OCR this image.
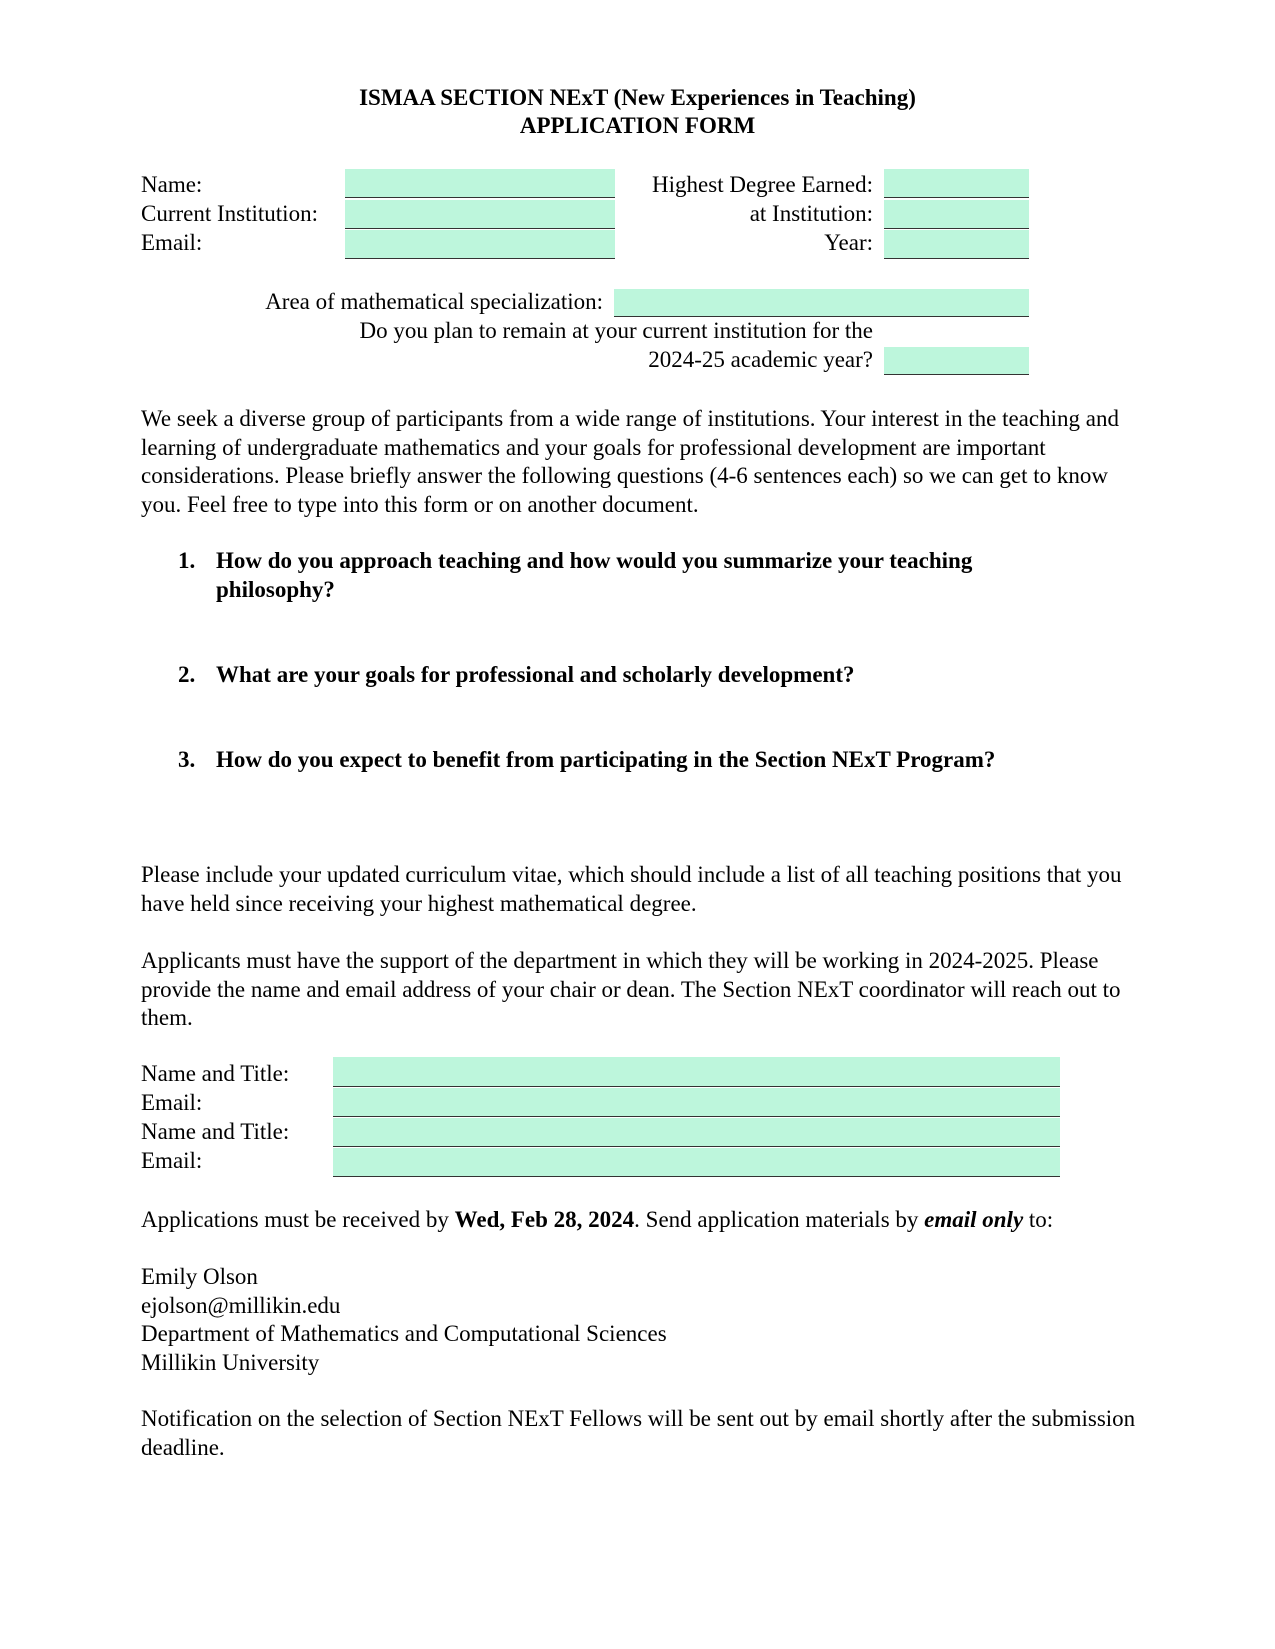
ISMAA SECTION NExT (New Experiences in Teaching)
APPLICATION FORM
Name:
Current Institution:
Email:
Highest Degree Earned:
at Institution:
Year:
Area of mathematical specialization:
Do you plan to remain at your current institution for the
2024-25 academic year?
We seek a diverse group of participants from a wide range of institutions. Your interest in the teaching and learning of undergraduate mathematics and your goals for professional development are important considerations. Please briefly answer the following questions (4-6 sentences each) so we can get to know you. Feel free to type into this form or on another document.
1. How do you approach teaching and how would you summarize your teaching philosophy?
2. What are your goals for professional and scholarly development?
3. How do you expect to benefit from participating in the Section NExT Program?
Please include your updated curriculum vitae, which should include a list of all teaching positions that you have held since receiving your highest mathematical degree.
Applicants must have the support of the department in which they will be working in 2024-2025. Please provide the name and email address of your chair or dean. The Section NExT coordinator will reach out to them.
Name and Title:
Email:
Name and Title:
Email:
Applications must be received by Wed, Feb 28, 2024. Send application materials by email only to:
Emily Olson
ejolson@millikin.edu
Department of Mathematics and Computational Sciences
Millikin University
Notification on the selection of Section NExT Fellows will be sent out by email shortly after the submission deadline.
